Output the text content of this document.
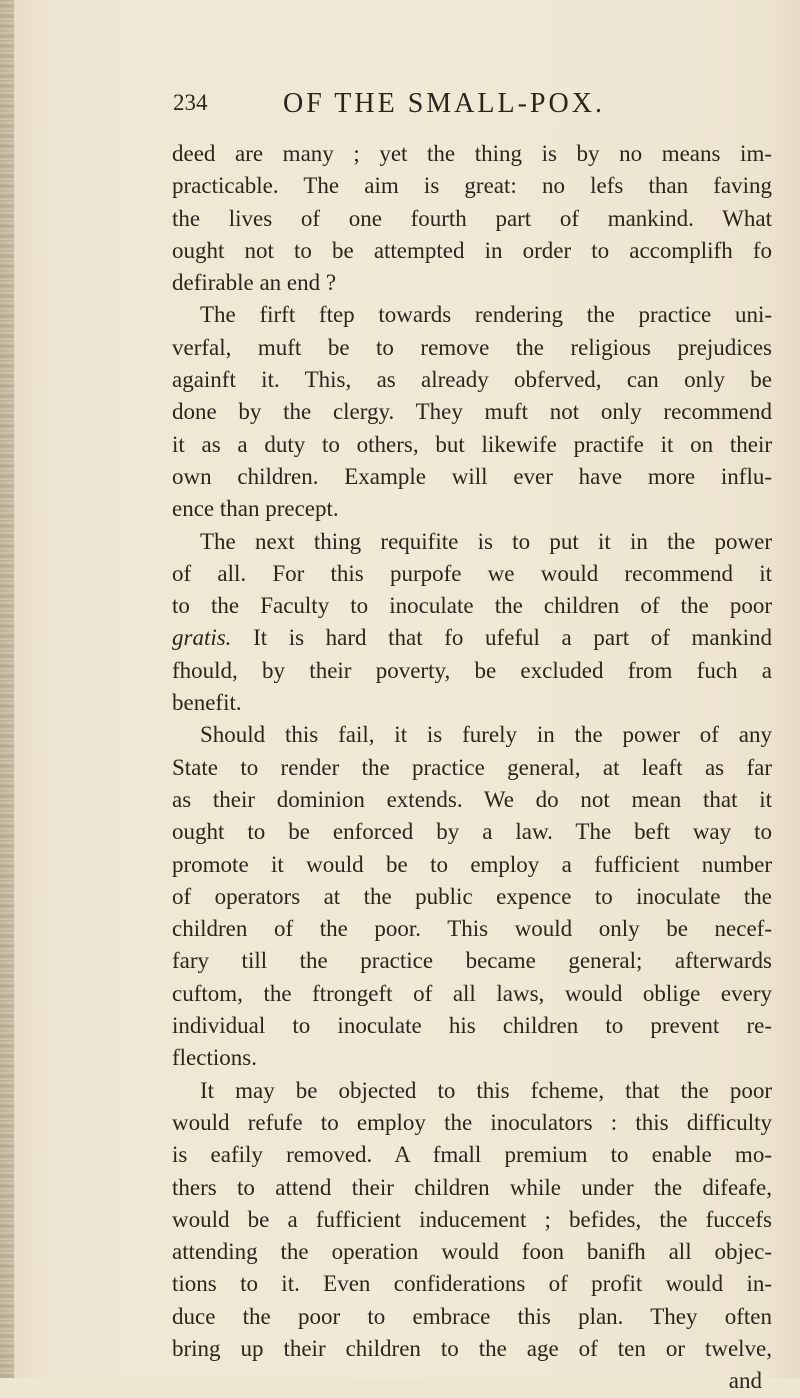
234	OF THE SMALL-POX.
deed are many ; yet the thing is by no means im-
practicable. The aim is great: no lefs than faving
the lives of one fourth part of mankind. What
ought not to be attempted in order to accomplifh fo
defirable an end ?
The firft ftep towards rendering the practice uni-
verfal, muft be to remove the religious prejudices
againft it. This, as already obferved, can only be
done by the clergy. They muft not only recommend
it as a duty to others, but likewife practife it on their
own children. Example will ever have more influ-
ence than precept.
The next thing requifite is to put it in the power
of all. For this purpofe we would recommend it
to the Faculty to inoculate the children of the poor
gratis. It is hard that fo ufeful a part of mankind
fhould, by their poverty, be excluded from fuch a
benefit.
Should this fail, it is furely in the power of any
State to render the practice general, at leaft as far
as their dominion extends. We do not mean that it
ought to be enforced by a law. The beft way to
promote it would be to employ a fufficient number
of operators at the public expence to inoculate the
children of the poor. This would only be necef-
fary till the practice became general; afterwards
cuftom, the ftrongeft of all laws, would oblige every
individual to inoculate his children to prevent re-
flections.
It may be objected to this fcheme, that the poor
would refufe to employ the inoculators : this difficulty
is eafily removed. A fmall premium to enable mo-
thers to attend their children while under the difeafe,
would be a fufficient inducement ; befides, the fuccefs
attending the operation would foon banifh all objec-
tions to it. Even confiderations of profit would in-
duce the poor to embrace this plan. They often
bring up their children to the age of ten or twelve,
and
